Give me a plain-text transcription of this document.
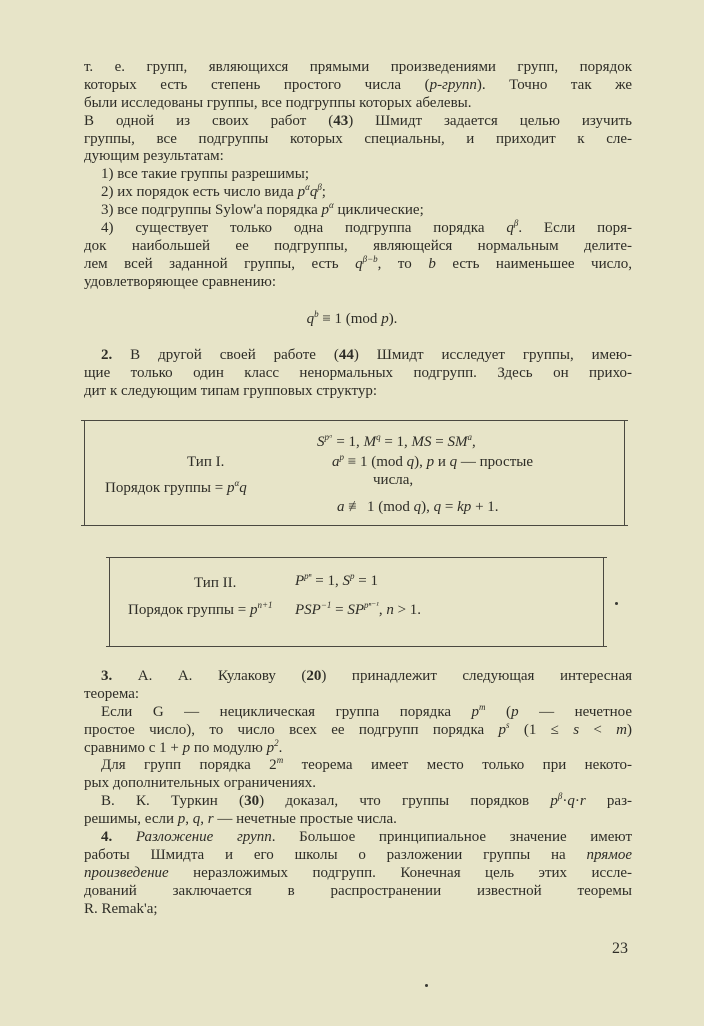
т. е. групп, являющихся прямыми произведениями групп, порядок
которых есть степень простого числа (p-групп). Точно так же
были исследованы группы, все подгруппы которых абелевы.
В одной из своих работ (43) Шмидт задается целью изучить
группы, все подгруппы которых специальны, и приходит к сле-
дующим результатам:
1) все такие группы разрешимы;
2) их порядок есть число вида $p^\alpha q^\beta$;
3) все подгруппы Sylow'a порядка $p^\alpha$ циклические;
4) существует только одна подгруппа порядка $q^\beta$. Если поря-
док наибольшей ее подгруппы, являющейся нормальным делите-
лем всей заданной группы, есть $q^{\beta-b}$, то b есть наименьшее число,
удовлетворяющее сравнению:
$q^b \equiv 1$ (mod p).
2. В другой своей работе (44) Шмидт исследует группы, имею-
щие только один класс ненормальных подгрупп. Здесь он прихо-
дит к следующим типам групповых структур:
Тип I.
Порядок группы = $p^\alpha q$
$S^{pᵅ} = 1$, $M^q = 1$, MS = $SM^a$,
$a^p \equiv 1$ (mod q), p и q — простые
числа,
a ≢ 1 (mod q), q = kp + 1.
Тип II.
Порядок группы = $p^{n+1}$
$P^{p^n} = 1$, $S^p = 1$
$PSP^{-1} = SP^{p^{n-1}}$, n > 1.
3. А. А. Кулакову (20) принадлежит следующая интересная
теорема:
Если G — нециклическая группа порядка $p^m$ (p — нечетное
простое число), то число всех ее подгрупп порядка $p^s$ (1 ≤ s < m)
сравнимо с 1 + p по модулю $p^2$.
Для групп порядка 2$^m$ теорема имеет место только при некото-
рых дополнительных ограничениях.
В. К. Туркин (30) доказал, что группы порядков $p^\beta\cdot q\cdot r$ раз-
решимы, если p, q, r — нечетные простые числа.
4. Разложение групп. Большое принципиальное значение имеют
работы Шмидта и его школы о разложении группы на прямое
произведение неразложимых подгрупп. Конечная цель этих иссле-
дований заключается в распространении известной теоремы
R. Remak'a;
23
